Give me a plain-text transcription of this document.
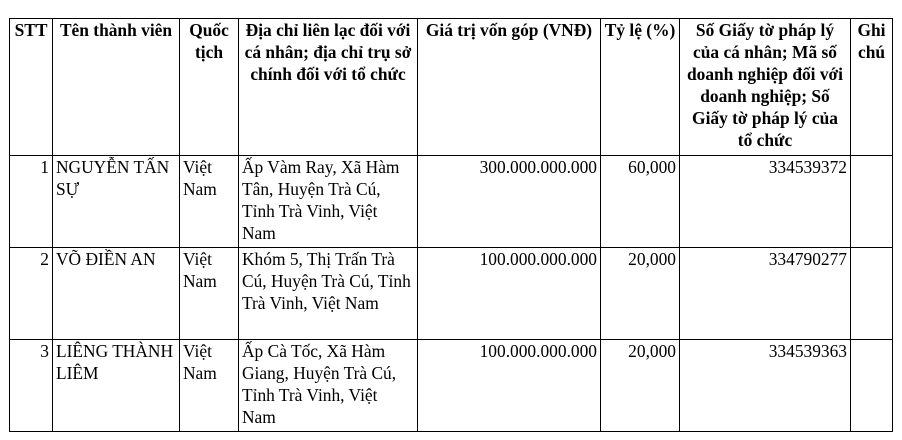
STT	Tên thành viên	Quốc tịch	Địa chỉ liên lạc đối với cá nhân; địa chỉ trụ sở chính đối với tổ chức	Giá trị vốn góp (VNĐ)	Tỷ lệ (%)	Số Giấy tờ pháp lý của cá nhân; Mã số doanh nghiệp đối với doanh nghiệp; Số Giấy tờ pháp lý của tổ chức	Ghi chú
1	NGUYỄN TẤN SỰ	Việt Nam	Ấp Vàm Ray, Xã Hàm Tân, Huyện Trà Cú, Tỉnh Trà Vinh, Việt Nam	300.000.000.000	60,000	334539372	
2	VÕ ĐIỀN AN	Việt Nam	Khóm 5, Thị Trấn Trà Cú, Huyện Trà Cú, Tỉnh Trà Vinh, Việt Nam	100.000.000.000	20,000	334790277	
3	LIÊNG THÀNH LIÊM	Việt Nam	Ấp Cà Tốc, Xã Hàm Giang, Huyện Trà Cú, Tỉnh Trà Vinh, Việt Nam	100.000.000.000	20,000	334539363	
